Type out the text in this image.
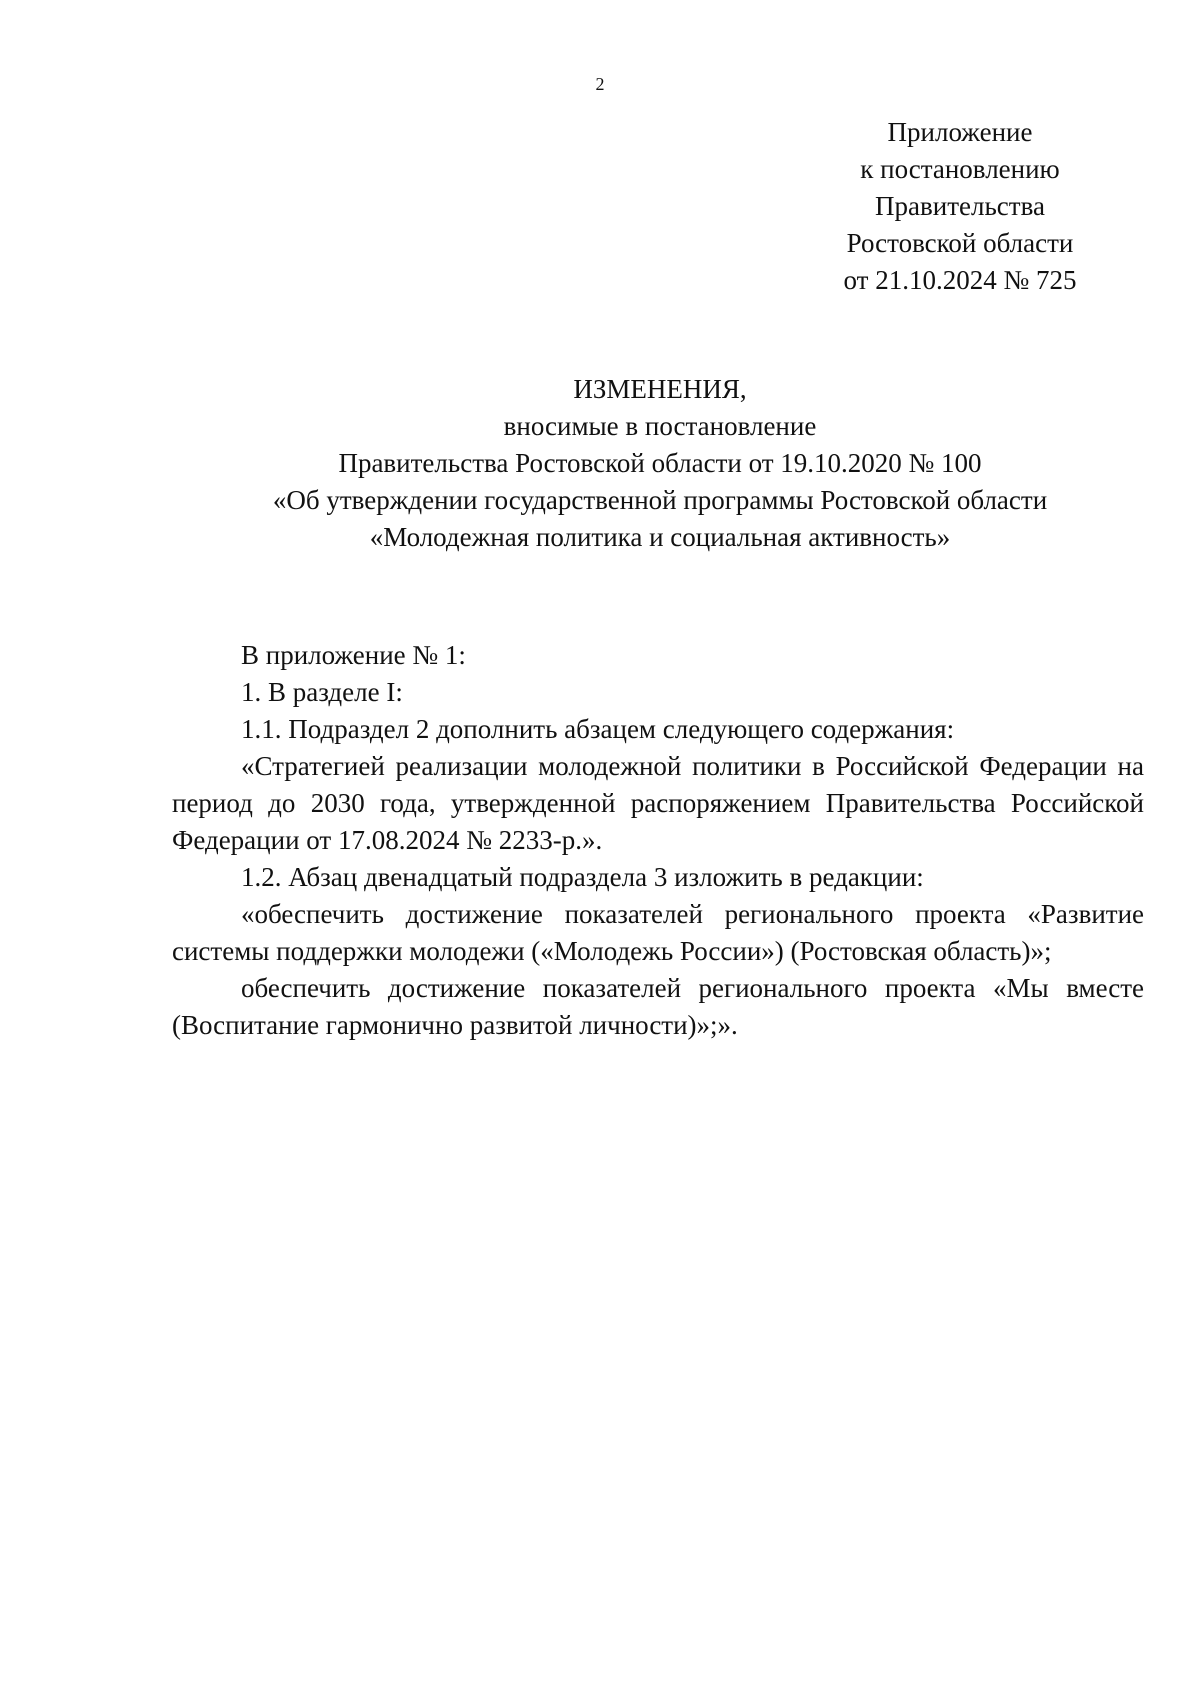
2
Приложение
к постановлению
Правительства
Ростовской области
от 21.10.2024 № 725
ИЗМЕНЕНИЯ,
вносимые в постановление
Правительства Ростовской области от 19.10.2020 № 100
«Об утверждении государственной программы Ростовской области
«Молодежная политика и социальная активность»

В приложение № 1:

1. В разделе I:

1.1. Подраздел 2 дополнить абзацем следующего содержания:

«Стратегией реализации молодежной политики в Российской Федерации на период до 2030 года, утвержденной распоряжением Правительства Российской Федерации от 17.08.2024 № 2233-р.».

1.2. Абзац двенадцатый подраздела 3 изложить в редакции:

«обеспечить достижение показателей регионального проекта «Развитие системы поддержки молодежи («Молодежь России») (Ростовская область)»;

обеспечить достижение показателей регионального проекта «Мы вместе (Воспитание гармонично развитой личности)»;».
